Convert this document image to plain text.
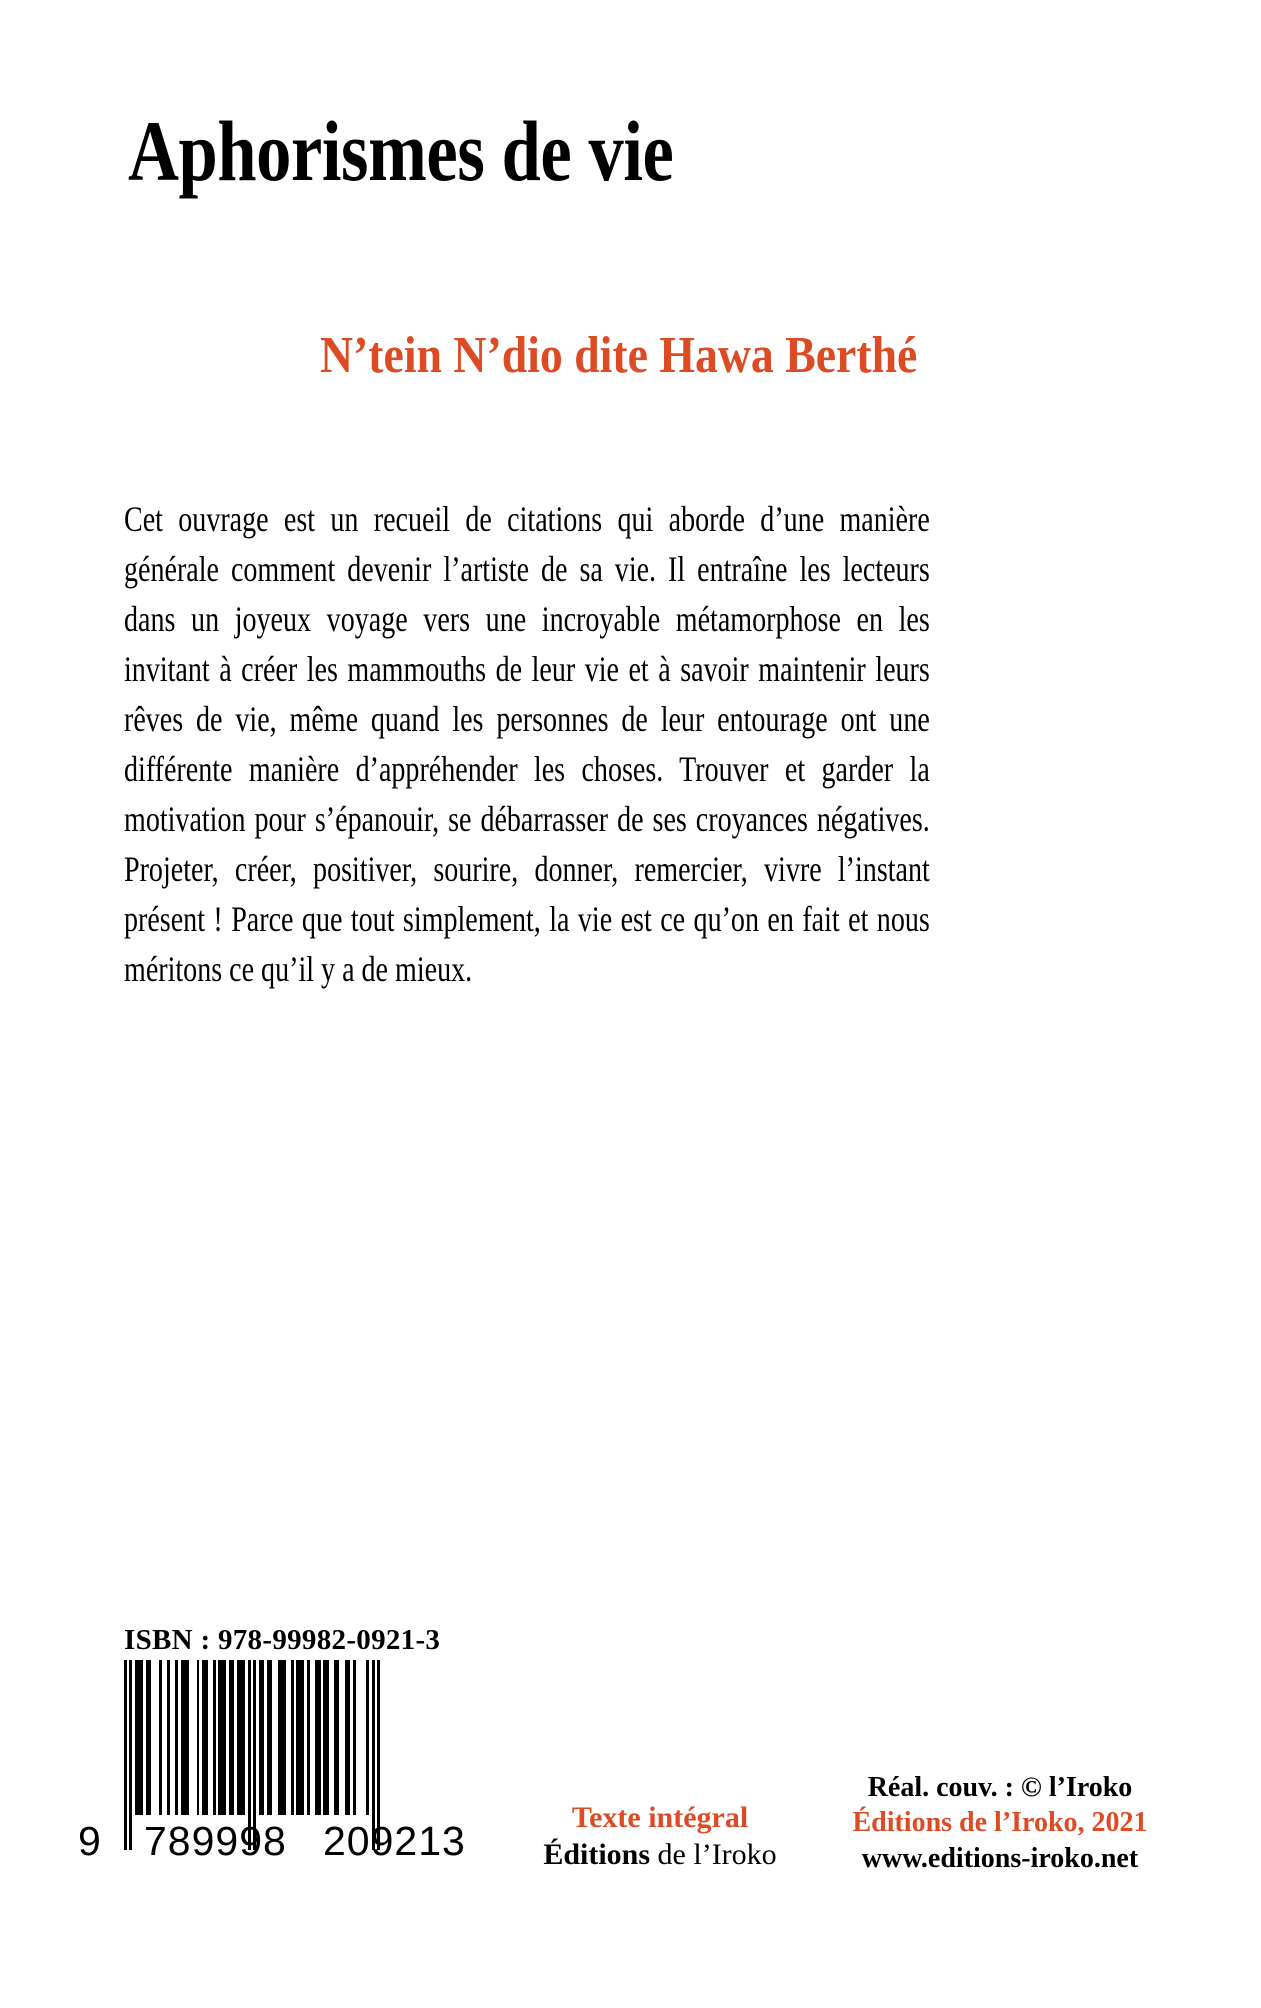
Aphorismes de vie
N’tein N’dio dite Hawa Berthé
Cet ouvrage est un recueil de citations qui aborde d’une manière générale comment devenir l’artiste de sa vie. Il entraîne les lecteurs dans un joyeux voyage vers une incroyable métamorphose en les invitant à créer les mammouths de leur vie et à savoir maintenir leurs rêves de vie, même quand les personnes de leur entourage ont une différente manière d’appréhender les choses. Trouver et garder la motivation pour s’épanouir, se débarrasser de ses croyances négatives. Projeter, créer, positiver, sourire, donner, remercier, vivre l’instant présent ! Parce que tout simplement, la vie est ce qu’on en fait et nous méritons ce qu’il y a de mieux.
ISBN : 978-99982-0921-3
9 789998 209213
Texte intégral
Éditions de l’Iroko
Réal. couv. : © l’Iroko
Éditions de l’Iroko, 2021
www.editions-iroko.net
